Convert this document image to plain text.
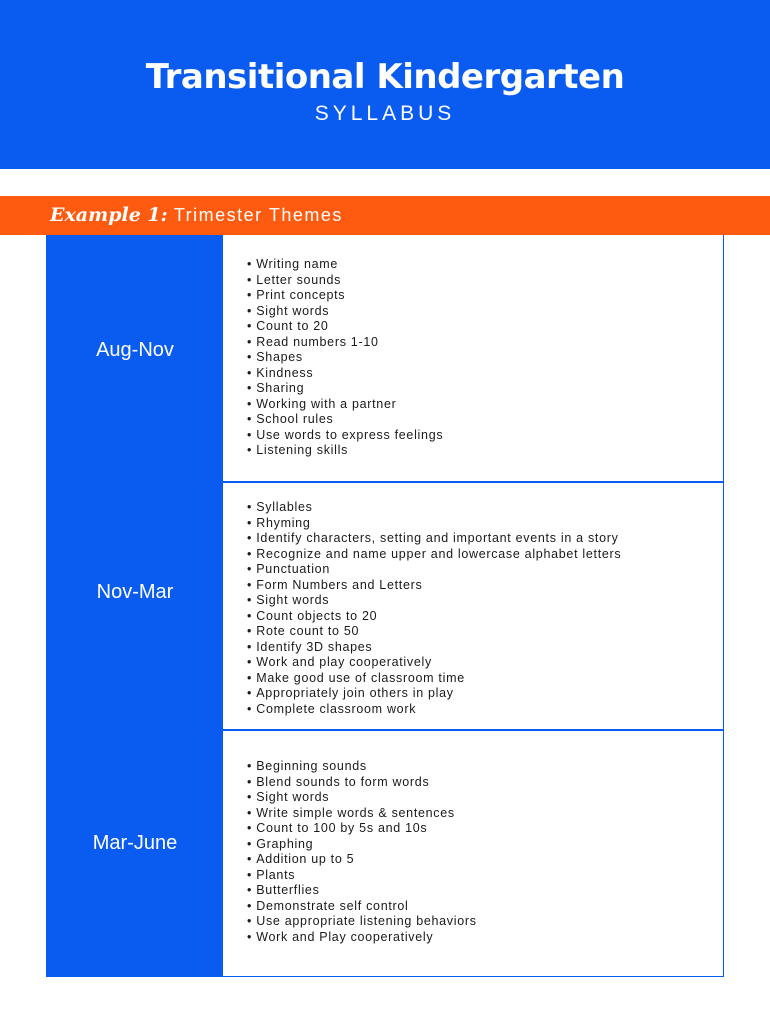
Transitional Kindergarten
SYLLABUS
Example 1: Trimester Themes
Aug-Nov
Nov-Mar
Mar-June
• Writing name
• Letter sounds
• Print concepts
• Sight words
• Count to 20
• Read numbers 1-10
• Shapes
• Kindness
• Sharing
• Working with a partner
• School rules
• Use words to express feelings
• Listening skills
• Syllables
• Rhyming
• Identify characters, setting and important events in a story
• Recognize and name upper and lowercase alphabet letters
• Punctuation
• Form Numbers and Letters
• Sight words
• Count objects to 20
• Rote count to 50
• Identify 3D shapes
• Work and play cooperatively
• Make good use of classroom time
• Appropriately join others in play
• Complete classroom work
• Beginning sounds
• Blend sounds to form words
• Sight words
• Write simple words & sentences
• Count to 100 by 5s and 10s
• Graphing
• Addition up to 5
• Plants
• Butterflies
• Demonstrate self control
• Use appropriate listening behaviors
• Work and Play cooperatively
